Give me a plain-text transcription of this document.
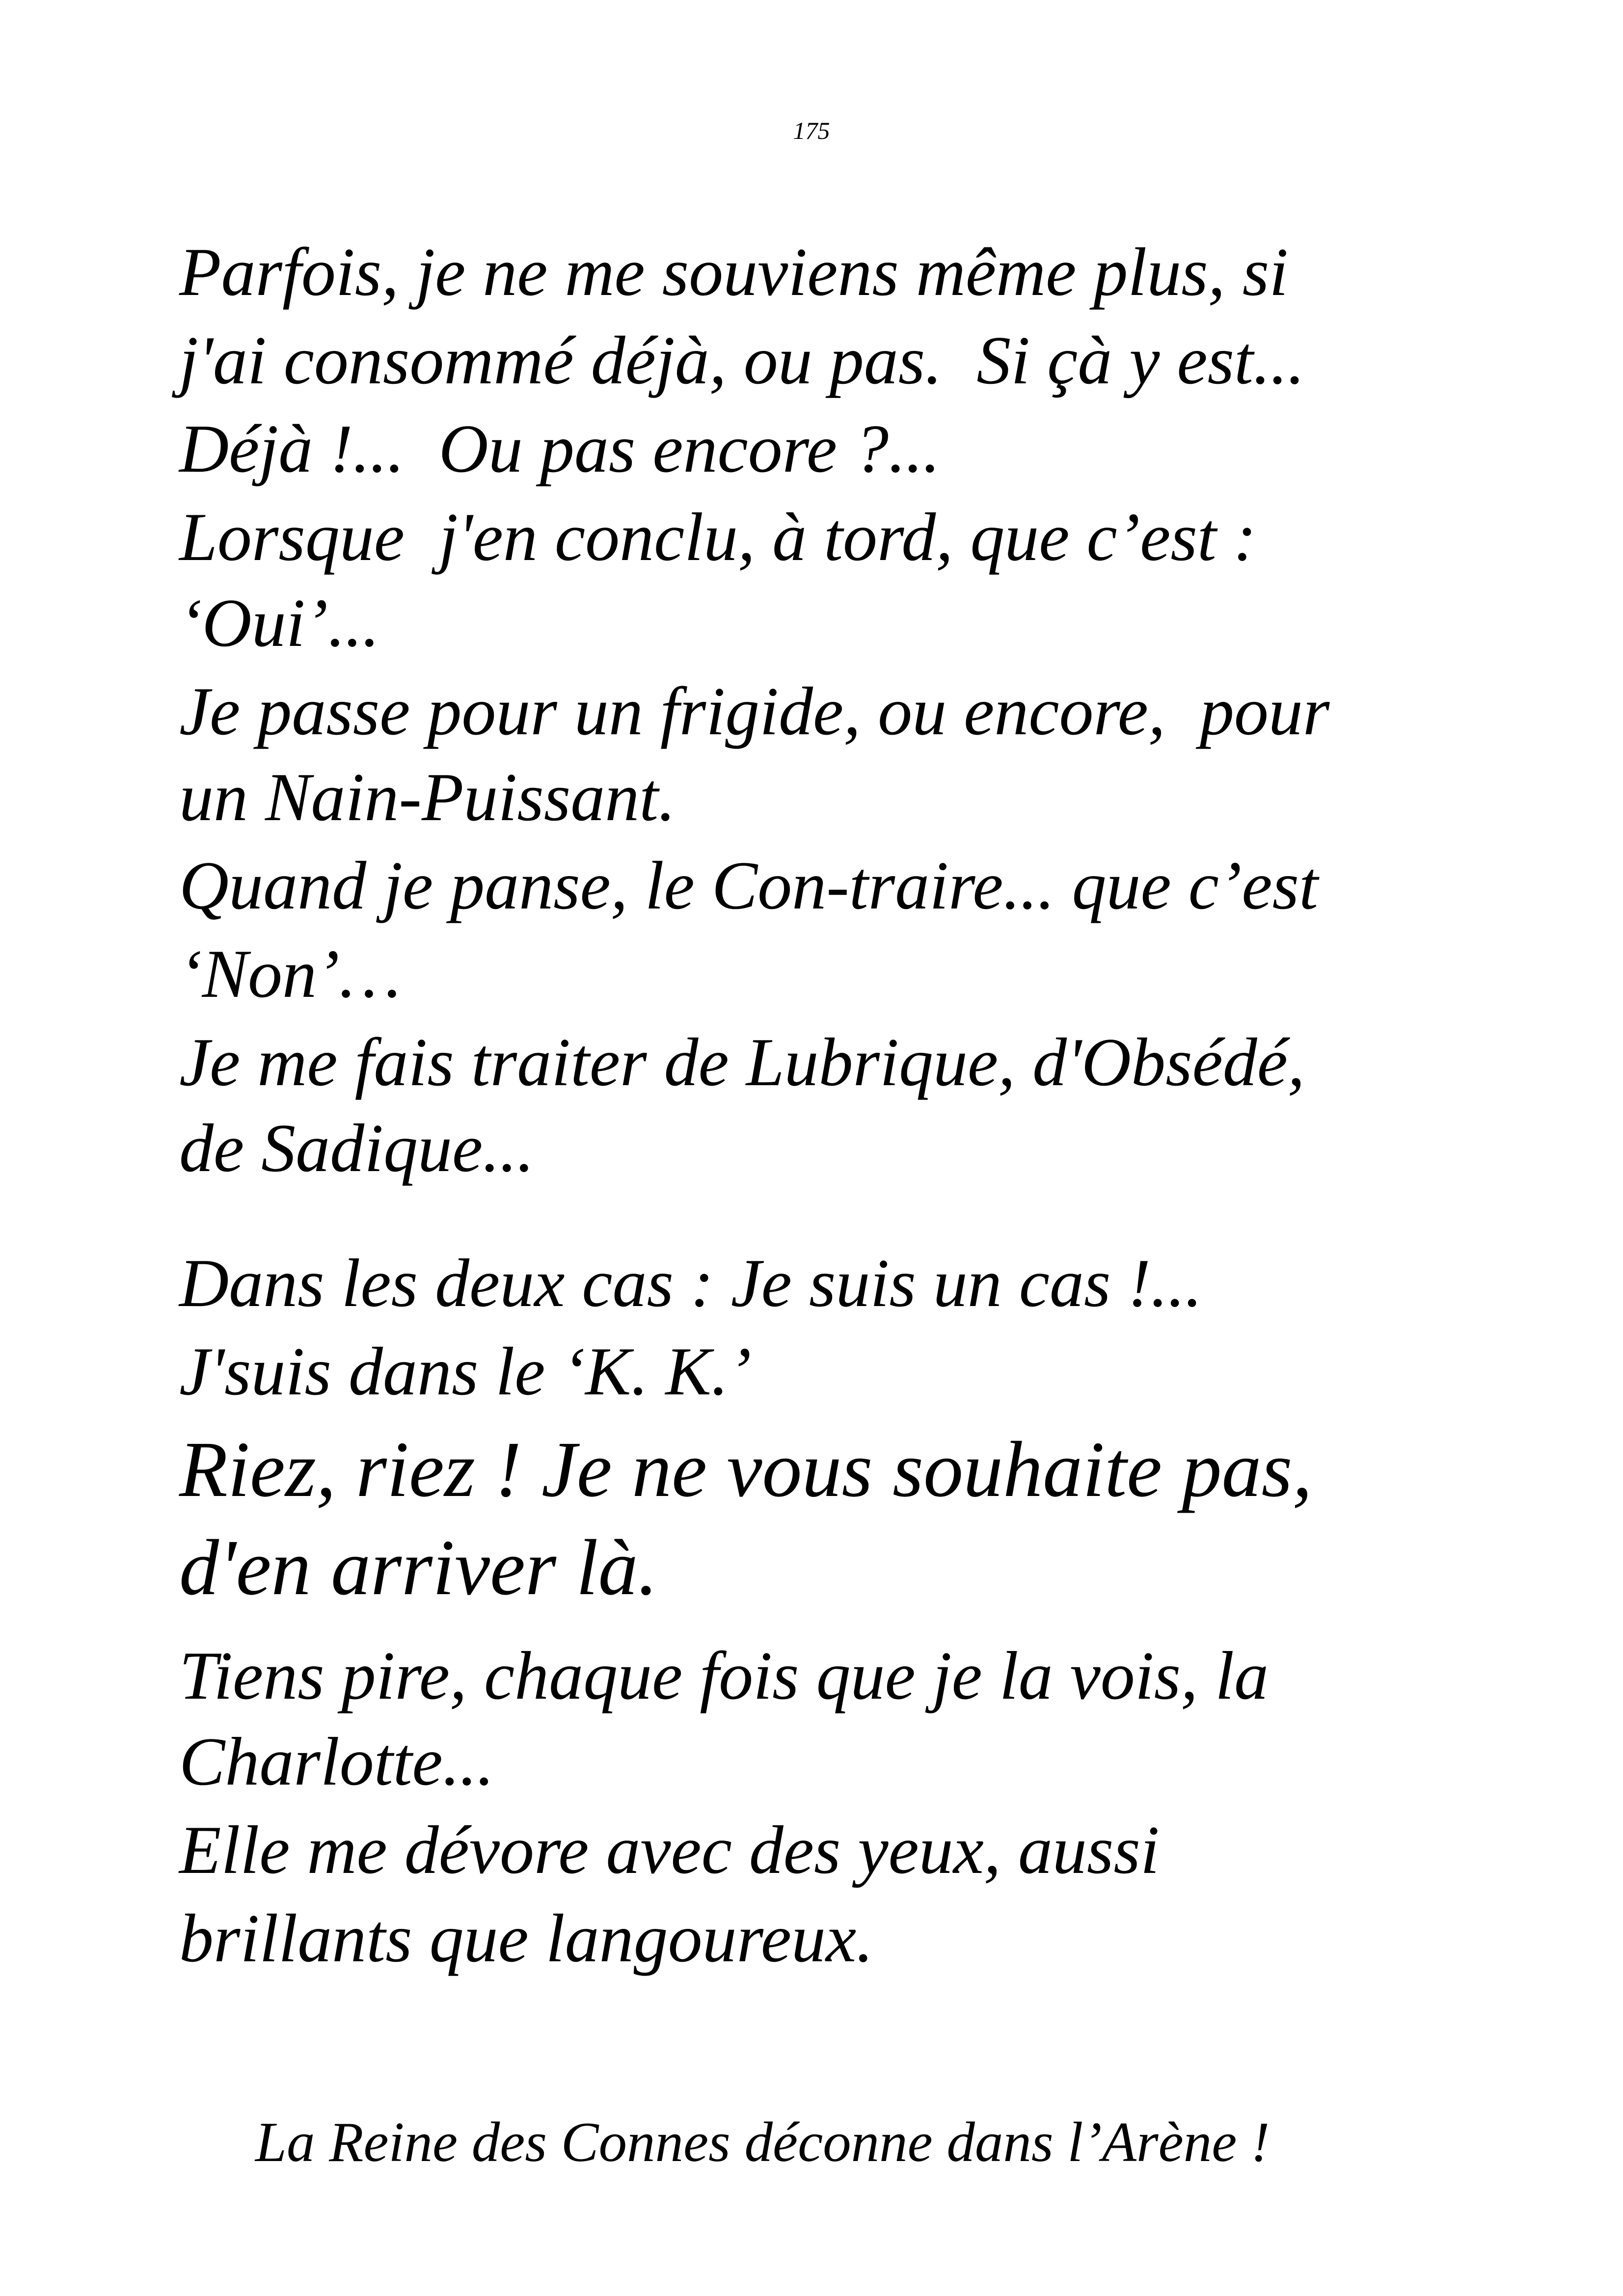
175
Parfois, je ne me souviens même plus, si
j'ai consommé déjà, ou pas.  Si çà y est...
Déjà !...  Ou pas encore ?...
Lorsque  j'en conclu, à tord, que c’est :
‘Oui’...
Je passe pour un frigide, ou encore,  pour
un Nain-Puissant.
Quand je panse, le Con-traire... que c’est
‘Non’…
Je me fais traiter de Lubrique, d'Obsédé,
de Sadique...
Dans les deux cas : Je suis un cas !...
J'suis dans le ‘K. K.’
Riez, riez ! Je ne vous souhaite pas,
d'en arriver là.
Tiens pire, chaque fois que je la vois, la
Charlotte...
Elle me dévore avec des yeux, aussi
brillants que langoureux.
La Reine des Connes déconne dans l’Arène !
